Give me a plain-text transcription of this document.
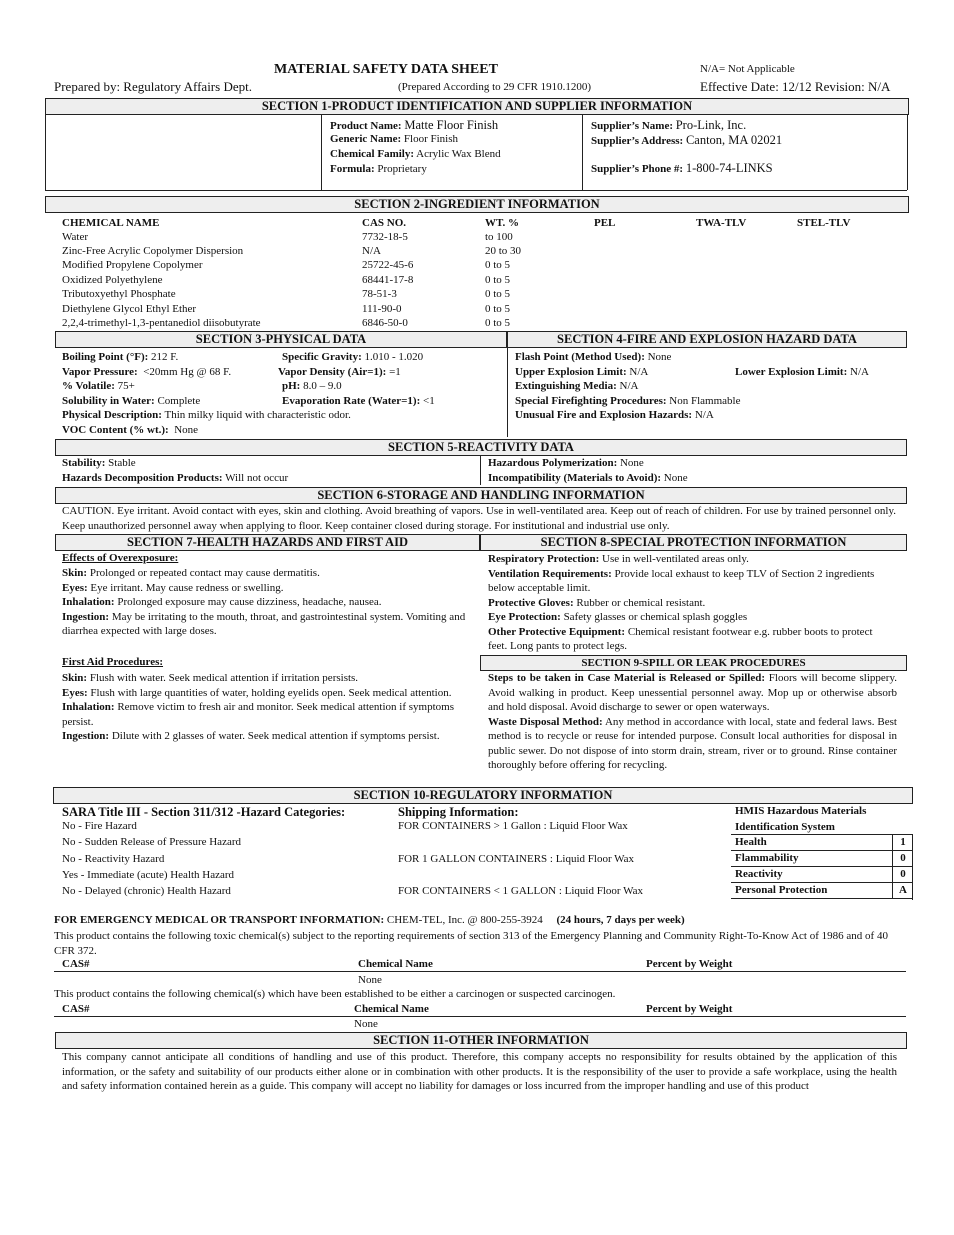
MATERIAL SAFETY DATA SHEET	N/A= Not Applicable
Prepared by: Regulatory Affairs Dept.	(Prepared According to 29 CFR 1910.1200)	Effective Date: 12/12 Revision: N/A
SECTION 1-PRODUCT IDENTIFICATION AND SUPPLIER INFORMATION
Product Name: Matte Floor Finish
Generic Name: Floor Finish
Chemical Family: Acrylic Wax Blend
Formula: Proprietary
Supplier’s Name: Pro-Link, Inc.
Supplier’s Address: Canton, MA 02021
Supplier’s Phone #: 1-800-74-LINKS
SECTION 2-INGREDIENT INFORMATION
CHEMICAL NAME	CAS NO.	WT. %	PEL	TWA-TLV	STEL-TLV
Water	7732-18-5	to 100
Zinc-Free Acrylic Copolymer Dispersion	N/A	20 to 30
Modified Propylene Copolymer	25722-45-6	0 to 5
Oxidized Polyethylene	68441-17-8	0 to 5
Tributoxyethyl Phosphate	78-51-3	0 to 5
Diethylene Glycol Ethyl Ether	111-90-0	0 to 5
2,2,4-trimethyl-1,3-pentanediol diisobutyrate	6846-50-0	0 to 5
SECTION 3-PHYSICAL DATA	SECTION 4-FIRE AND EXPLOSION HAZARD DATA
Boiling Point (°F): 212 F.	Specific Gravity: 1.010 - 1.020
Vapor Pressure: <20mm Hg @ 68 F.	Vapor Density (Air=1): =1
% Volatile: 75+	pH: 8.0 – 9.0
Solubility in Water: Complete	Evaporation Rate (Water=1): <1
Physical Description: Thin milky liquid with characteristic odor.
VOC Content (% wt.): None
Flash Point (Method Used): None
Upper Explosion Limit: N/A	Lower Explosion Limit: N/A
Extinguishing Media: N/A
Special Firefighting Procedures: Non Flammable
Unusual Fire and Explosion Hazards: N/A
SECTION 5-REACTIVITY DATA
Stability: Stable
Hazards Decomposition Products: Will not occur
Hazardous Polymerization: None
Incompatibility (Materials to Avoid): None
SECTION 6-STORAGE AND HANDLING INFORMATION
CAUTION. Eye irritant. Avoid contact with eyes, skin and clothing. Avoid breathing of vapors. Use in well-ventilated area. Keep out of reach of children. For use by trained personnel only. Keep unauthorized personnel away when applying to floor. Keep container closed during storage. For institutional and industrial use only.
SECTION 7-HEALTH HAZARDS AND FIRST AID	SECTION 8-SPECIAL PROTECTION INFORMATION
Effects of Overexposure:
Skin: Prolonged or repeated contact may cause dermatitis.
Eyes: Eye irritant. May cause redness or swelling.
Inhalation: Prolonged exposure may cause dizziness, headache, nausea.
Ingestion: May be irritating to the mouth, throat, and gastrointestinal system. Vomiting and diarrhea expected with large doses.
First Aid Procedures:
Skin: Flush with water. Seek medical attention if irritation persists.
Eyes: Flush with large quantities of water, holding eyelids open. Seek medical attention.
Inhalation: Remove victim to fresh air and monitor. Seek medical attention if symptoms persist.
Ingestion: Dilute with 2 glasses of water. Seek medical attention if symptoms persist.
Respiratory Protection: Use in well-ventilated areas only.
Ventilation Requirements: Provide local exhaust to keep TLV of Section 2 ingredients below acceptable limit.
Protective Gloves: Rubber or chemical resistant.
Eye Protection: Safety glasses or chemical splash goggles
Other Protective Equipment: Chemical resistant footwear e.g. rubber boots to protect feet. Long pants to protect legs.
SECTION 9-SPILL OR LEAK PROCEDURES
Steps to be taken in Case Material is Released or Spilled: Floors will become slippery. Avoid walking in product. Keep unessential personnel away. Mop up or otherwise absorb and hold disposal. Avoid discharge to sewer or open waterways.
Waste Disposal Method: Any method in accordance with local, state and federal laws. Best method is to recycle or reuse for intended purpose. Consult local authorities for disposal in public sewer. Do not dispose of into storm drain, stream, river or to ground. Rinse container thoroughly before offering for recycling.
SECTION 10-REGULATORY INFORMATION
SARA Title III - Section 311/312 -Hazard Categories:
No - Fire Hazard
No - Sudden Release of Pressure Hazard
No - Reactivity Hazard
Yes - Immediate (acute) Health Hazard
No - Delayed (chronic) Health Hazard
Shipping Information:
FOR CONTAINERS > 1 Gallon : Liquid Floor Wax
FOR 1 GALLON CONTAINERS : Liquid Floor Wax
FOR CONTAINERS < 1 GALLON : Liquid Floor Wax
HMIS Hazardous Materials
Identification System
Health	1
Flammability	0
Reactivity	0
Personal Protection	A
FOR EMERGENCY MEDICAL OR TRANSPORT INFORMATION: CHEM-TEL, Inc. @ 800-255-3924 (24 hours, 7 days per week)
This product contains the following toxic chemical(s) subject to the reporting requirements of section 313 of the Emergency Planning and Community Right-To-Know Act of 1986 and of 40 CFR 372.
CAS#	Chemical Name	Percent by Weight
None
This product contains the following chemical(s) which have been established to be either a carcinogen or suspected carcinogen.
CAS#	Chemical Name	Percent by Weight
None
SECTION 11-OTHER INFORMATION
This company cannot anticipate all conditions of handling and use of this product. Therefore, this company accepts no responsibility for results obtained by the application of this information, or the safety and suitability of our products either alone or in combination with other products. It is the responsibility of the user to provide a safe workplace, using the health and safety information contained herein as a guide. This company will accept no liability for damages or loss incurred from the improper handling and use of this product
